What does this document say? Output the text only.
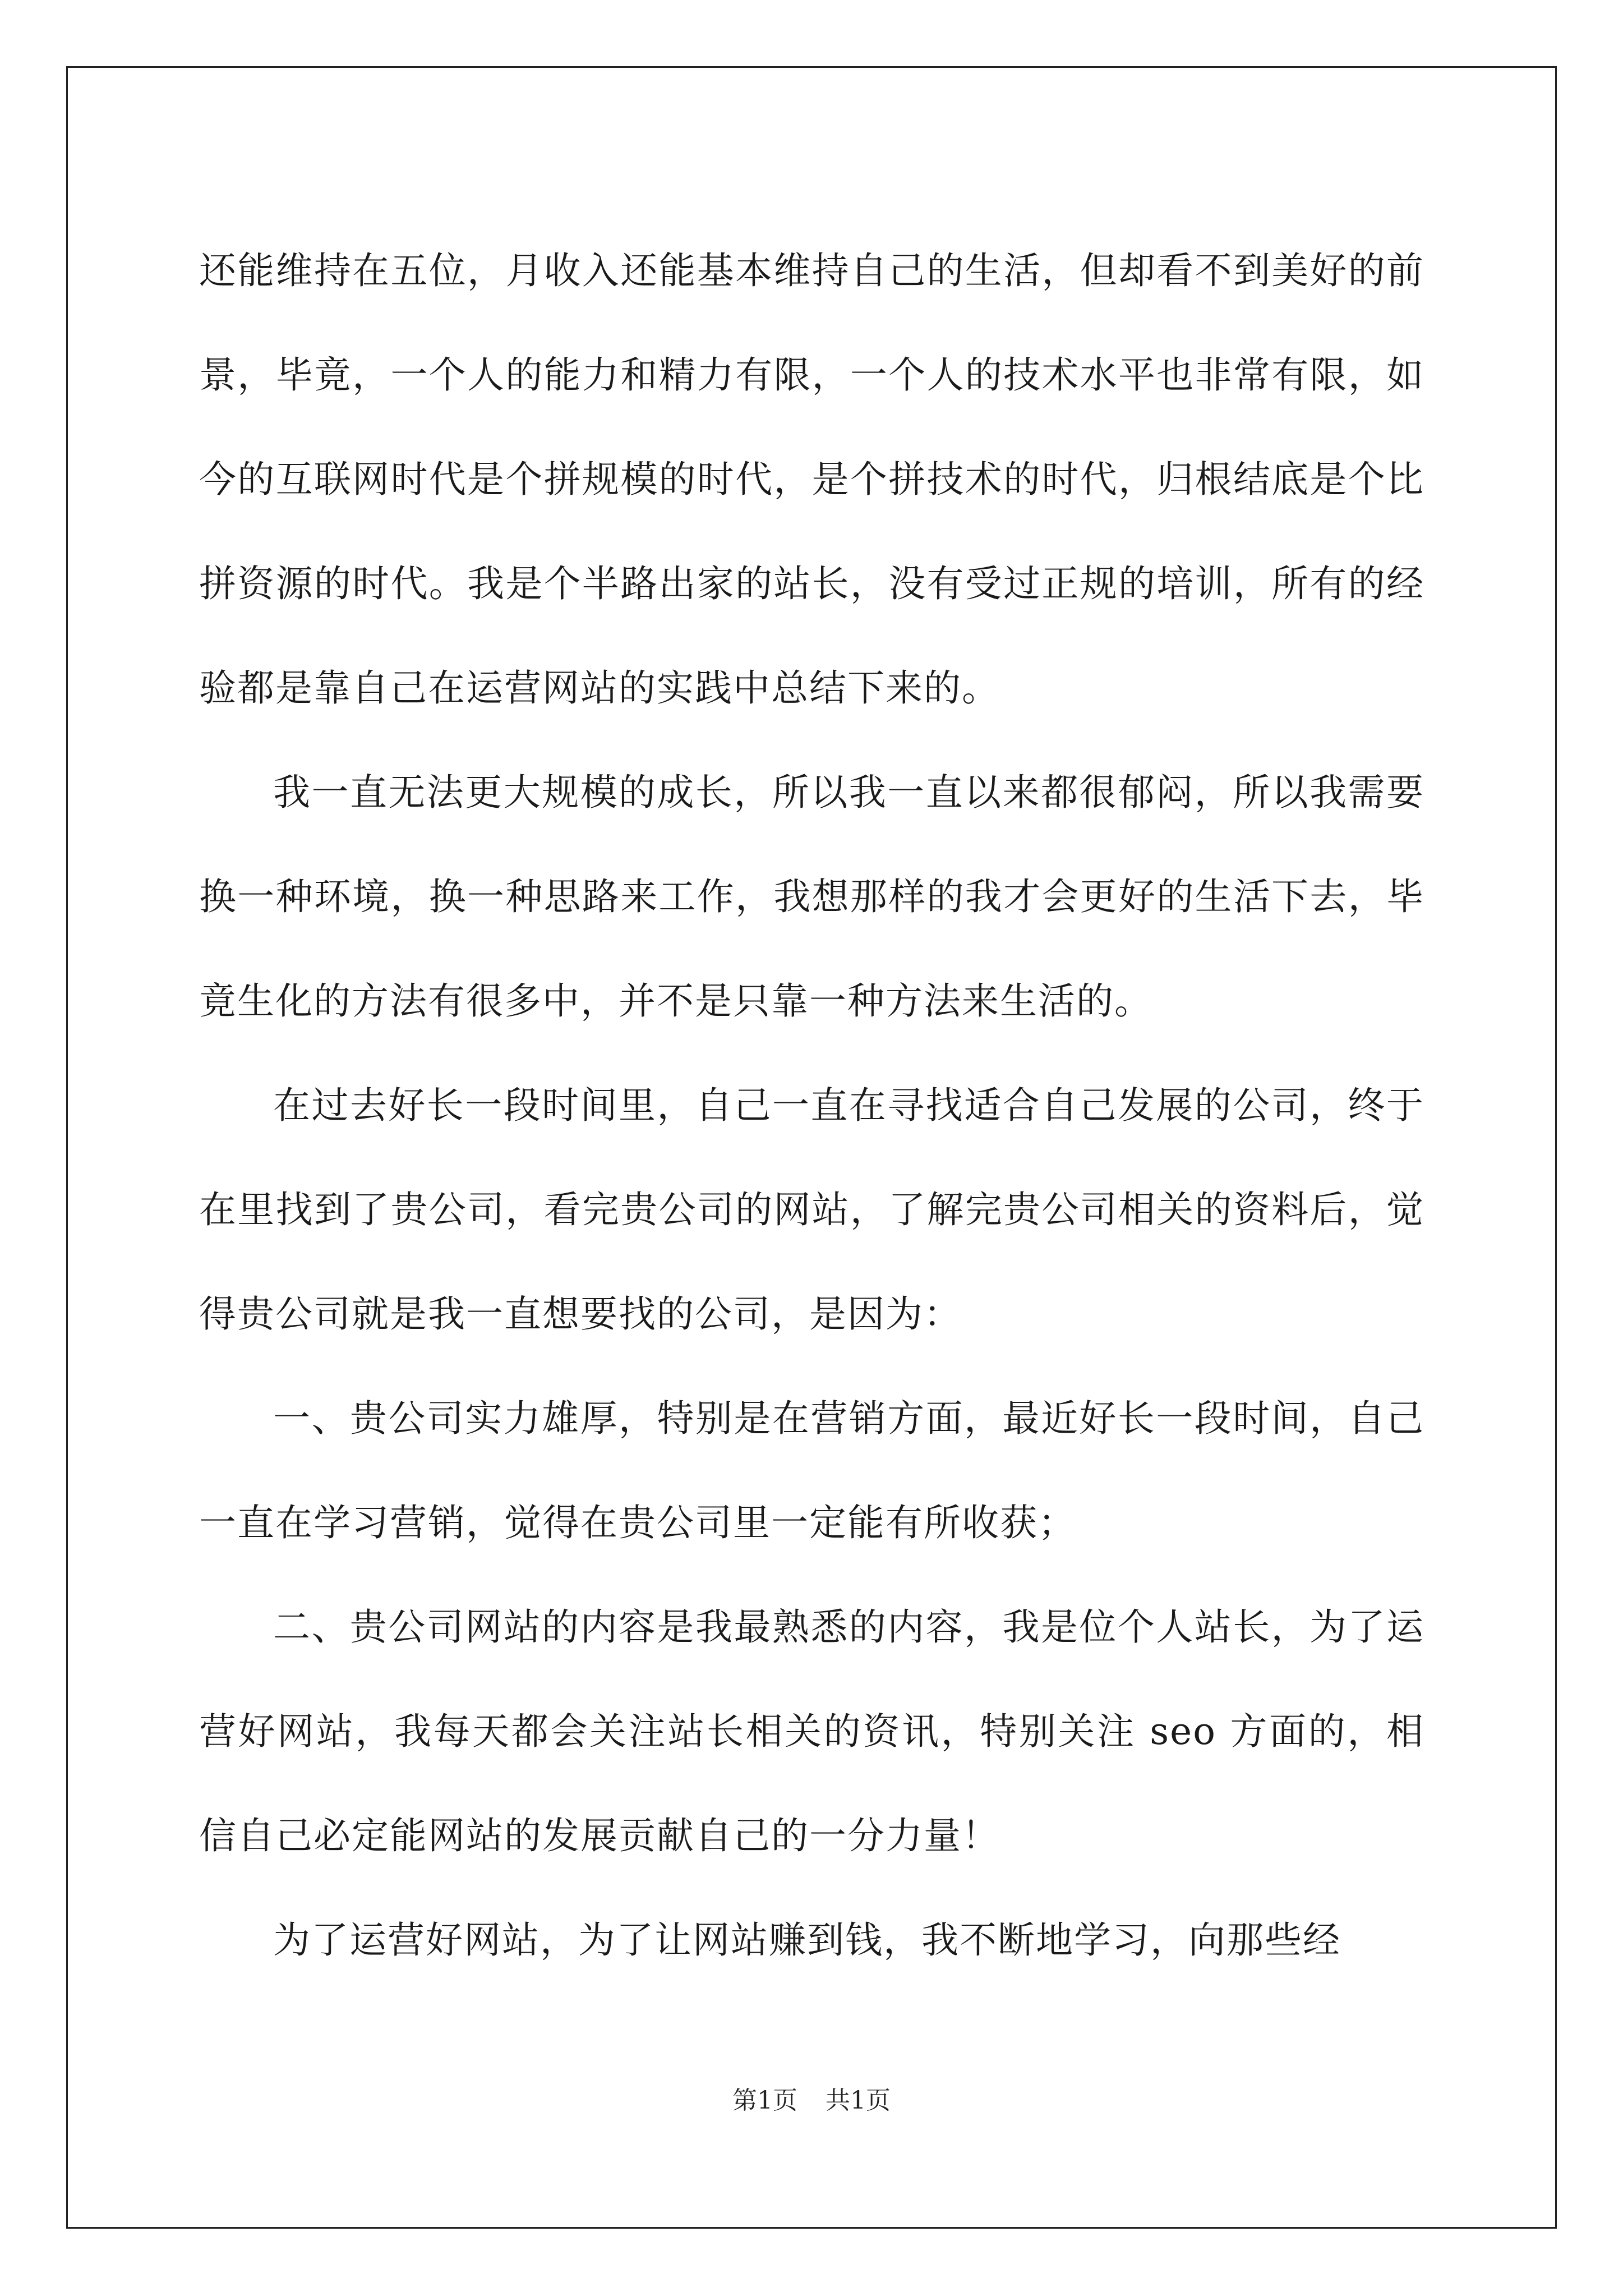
还能维持在五位，月收入还能基本维持自己的生活，但却看不到美好的前景，毕竟，一个人的能力和精力有限，一个人的技术水平也非常有限，如今的互联网时代是个拼规模的时代，是个拼技术的时代，归根结底是个比拼资源的时代。我是个半路出家的站长，没有受过正规的培训，所有的经验都是靠自己在运营网站的实践中总结下来的。

我一直无法更大规模的成长，所以我一直以来都很郁闷，所以我需要换一种环境，换一种思路来工作，我想那样的我才会更好的生活下去，毕竟生化的方法有很多中，并不是只靠一种方法来生活的。

在过去好长一段时间里，自己一直在寻找适合自己发展的公司，终于在里找到了贵公司，看完贵公司的网站，了解完贵公司相关的资料后，觉得贵公司就是我一直想要找的公司，是因为：

一、贵公司实力雄厚，特别是在营销方面，最近好长一段时间，自己一直在学习营销，觉得在贵公司里一定能有所收获；

二、贵公司网站的内容是我最熟悉的内容，我是位个人站长，为了运营好网站，我每天都会关注站长相关的资讯，特别关注 seo 方面的，相信自己必定能网站的发展贡献自己的一分力量！

为了运营好网站，为了让网站赚到钱，我不断地学习，向那些经

第1页 共1页
